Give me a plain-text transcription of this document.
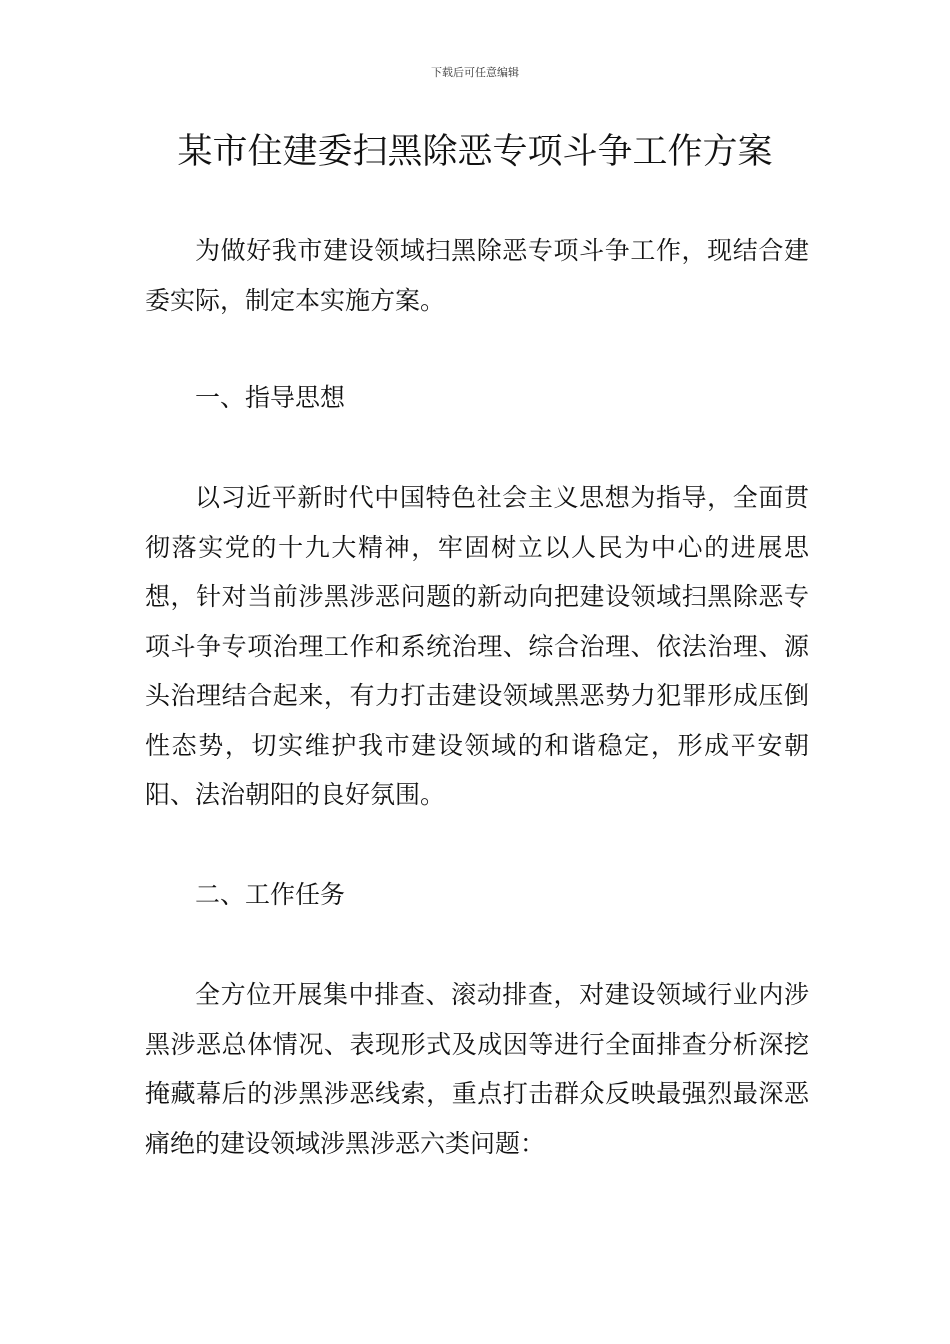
下载后可任意编辑
某市住建委扫黑除恶专项斗争工作方案

为做好我市建设领域扫黑除恶专项斗争工作，现结合建委实际，制定本实施方案。

一、指导思想

以习近平新时代中国特色社会主义思想为指导，全面贯彻落实党的十九大精神，牢固树立以人民为中心的进展思想，针对当前涉黑涉恶问题的新动向把建设领域扫黑除恶专项斗争专项治理工作和系统治理、综合治理、依法治理、源头治理结合起来，有力打击建设领域黑恶势力犯罪形成压倒性态势，切实维护我市建设领域的和谐稳定，形成平安朝阳、法治朝阳的良好氛围。

二、工作任务

全方位开展集中排查、滚动排查，对建设领域行业内涉黑涉恶总体情况、表现形式及成因等进行全面排查分析深挖掩藏幕后的涉黑涉恶线索，重点打击群众反映最强烈最深恶痛绝的建设领域涉黑涉恶六类问题：
